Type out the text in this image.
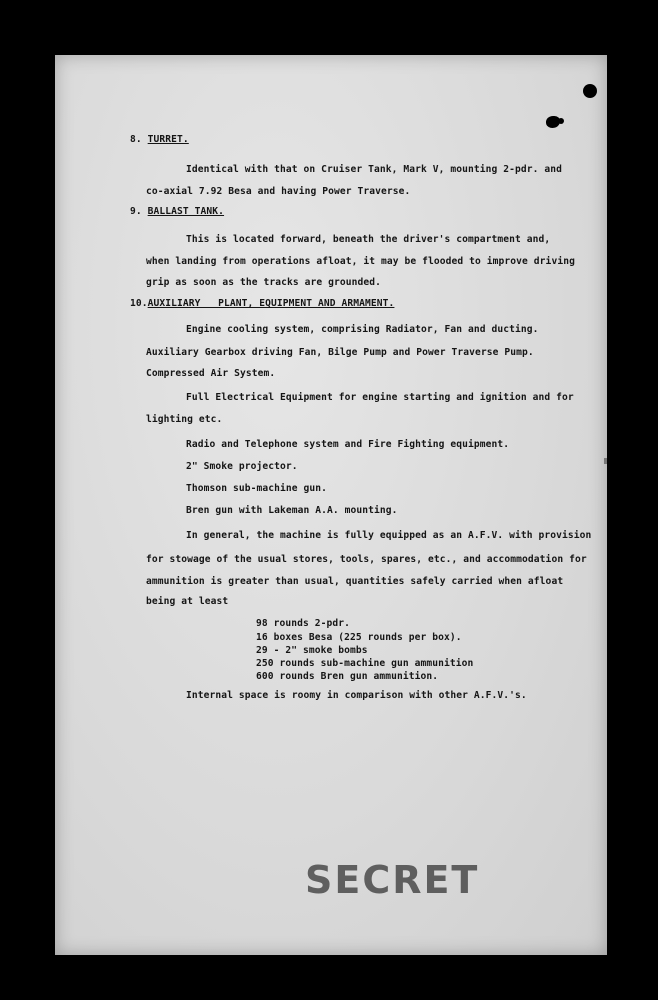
8. TURRET.
Identical with that on Cruiser Tank, Mark V, mounting 2-pdr. and
co-axial 7.92 Besa and having Power Traverse.
9. BALLAST TANK.
This is located forward, beneath the driver's compartment and,
when landing from operations afloat, it may be flooded to improve driving
grip as soon as the tracks are grounded.
10.AUXILIARY   PLANT, EQUIPMENT AND ARMAMENT.
Engine cooling system, comprising Radiator, Fan and ducting.
Auxiliary Gearbox driving Fan, Bilge Pump and Power Traverse Pump.
Compressed Air System.
Full Electrical Equipment for engine starting and ignition and for
lighting etc.
Radio and Telephone system and Fire Fighting equipment.
2" Smoke projector.
Thomson sub-machine gun.
Bren gun with Lakeman A.A. mounting.
In general, the machine is fully equipped as an A.F.V. with provision
for stowage of the usual stores, tools, spares, etc., and accommodation for
ammunition is greater than usual, quantities safely carried when afloat
being at least
98 rounds 2-pdr.
16 boxes Besa (225 rounds per box).
29 - 2" smoke bombs
250 rounds sub-machine gun ammunition
600 rounds Bren gun ammunition.
Internal space is roomy in comparison with other A.F.V.'s.
SECRET
